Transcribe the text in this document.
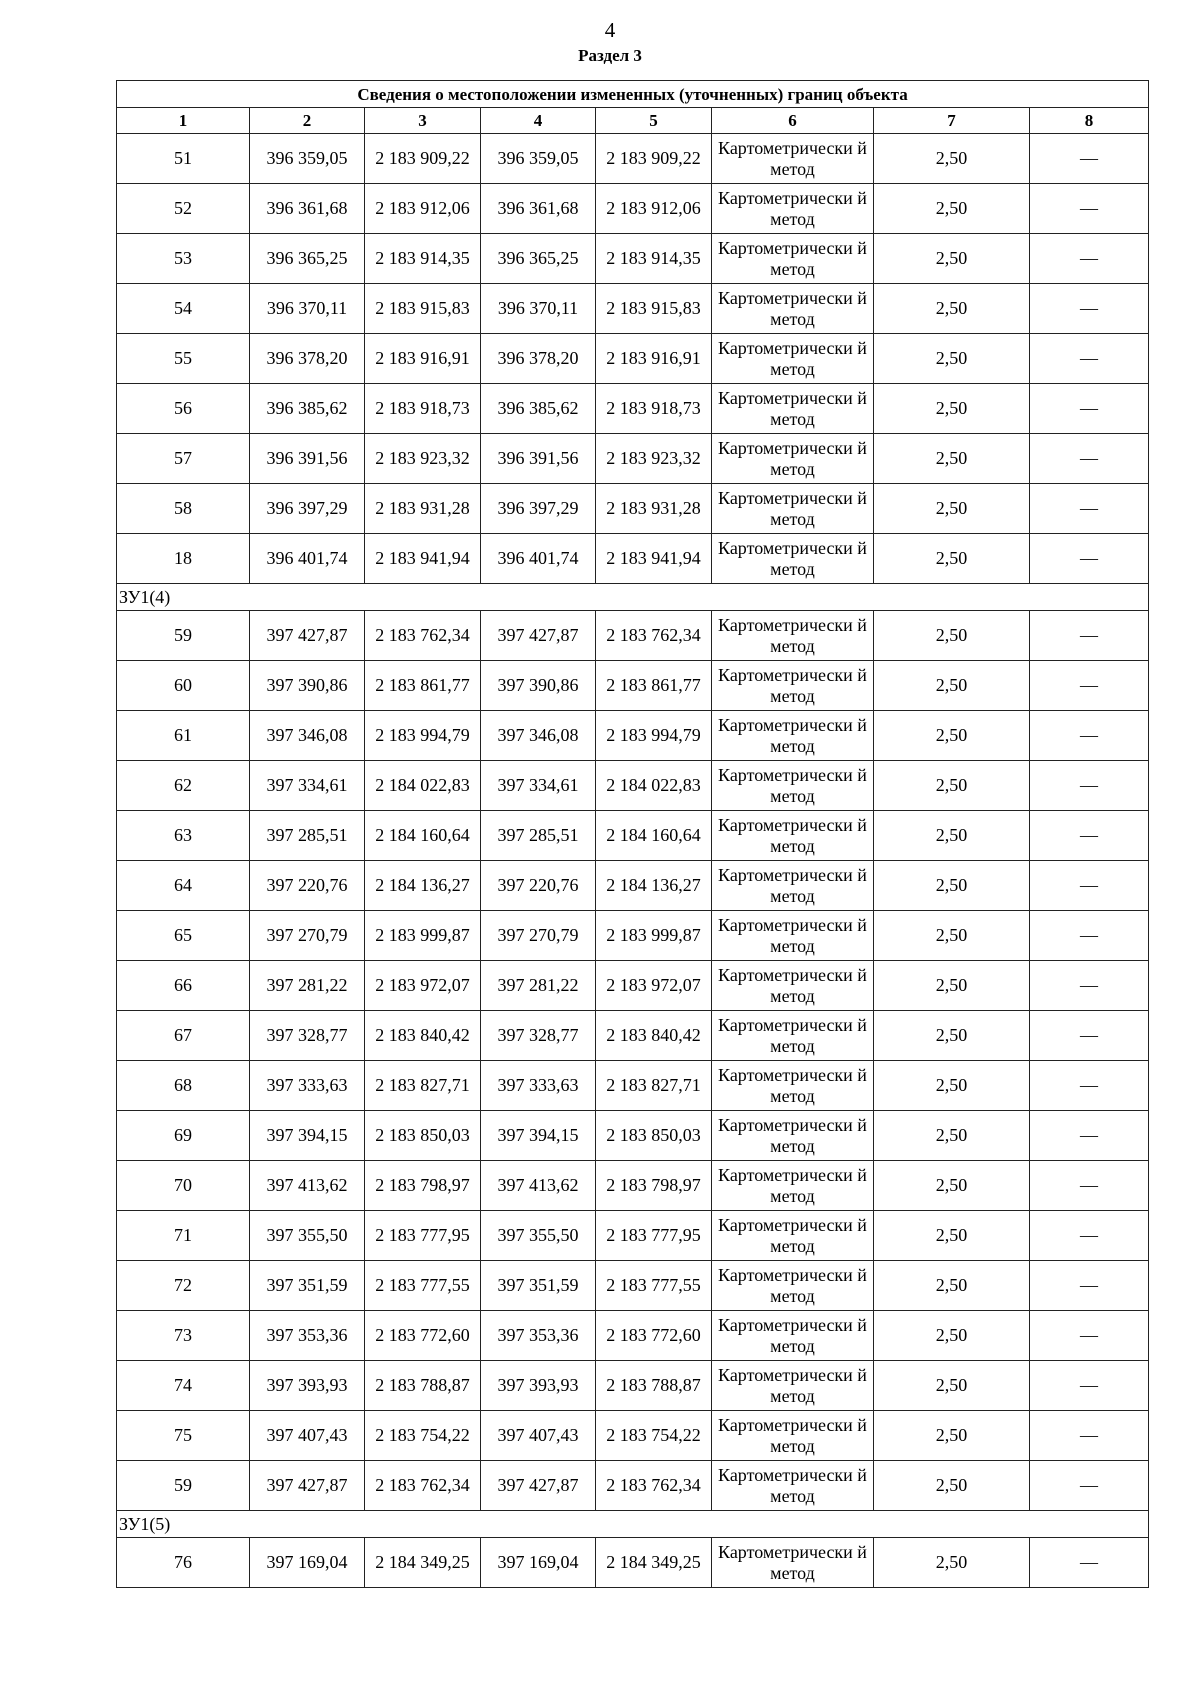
4
Раздел 3
Сведения о местоположении измененных (уточненных) границ объекта							
1	2	3	4	5	6	7	8
51	396 359,05	2 183 909,22	396 359,05	2 183 909,22	Картометрически й метод	2,50	—
52	396 361,68	2 183 912,06	396 361,68	2 183 912,06	Картометрически й метод	2,50	—
53	396 365,25	2 183 914,35	396 365,25	2 183 914,35	Картометрически й метод	2,50	—
54	396 370,11	2 183 915,83	396 370,11	2 183 915,83	Картометрически й метод	2,50	—
55	396 378,20	2 183 916,91	396 378,20	2 183 916,91	Картометрически й метод	2,50	—
56	396 385,62	2 183 918,73	396 385,62	2 183 918,73	Картометрически й метод	2,50	—
57	396 391,56	2 183 923,32	396 391,56	2 183 923,32	Картометрически й метод	2,50	—
58	396 397,29	2 183 931,28	396 397,29	2 183 931,28	Картометрически й метод	2,50	—
18	396 401,74	2 183 941,94	396 401,74	2 183 941,94	Картометрически й метод	2,50	—
ЗУ1(4)							
59	397 427,87	2 183 762,34	397 427,87	2 183 762,34	Картометрически й метод	2,50	—
60	397 390,86	2 183 861,77	397 390,86	2 183 861,77	Картометрически й метод	2,50	—
61	397 346,08	2 183 994,79	397 346,08	2 183 994,79	Картометрически й метод	2,50	—
62	397 334,61	2 184 022,83	397 334,61	2 184 022,83	Картометрически й метод	2,50	—
63	397 285,51	2 184 160,64	397 285,51	2 184 160,64	Картометрически й метод	2,50	—
64	397 220,76	2 184 136,27	397 220,76	2 184 136,27	Картометрически й метод	2,50	—
65	397 270,79	2 183 999,87	397 270,79	2 183 999,87	Картометрически й метод	2,50	—
66	397 281,22	2 183 972,07	397 281,22	2 183 972,07	Картометрически й метод	2,50	—
67	397 328,77	2 183 840,42	397 328,77	2 183 840,42	Картометрически й метод	2,50	—
68	397 333,63	2 183 827,71	397 333,63	2 183 827,71	Картометрически й метод	2,50	—
69	397 394,15	2 183 850,03	397 394,15	2 183 850,03	Картометрически й метод	2,50	—
70	397 413,62	2 183 798,97	397 413,62	2 183 798,97	Картометрически й метод	2,50	—
71	397 355,50	2 183 777,95	397 355,50	2 183 777,95	Картометрически й метод	2,50	—
72	397 351,59	2 183 777,55	397 351,59	2 183 777,55	Картометрически й метод	2,50	—
73	397 353,36	2 183 772,60	397 353,36	2 183 772,60	Картометрически й метод	2,50	—
74	397 393,93	2 183 788,87	397 393,93	2 183 788,87	Картометрически й метод	2,50	—
75	397 407,43	2 183 754,22	397 407,43	2 183 754,22	Картометрически й метод	2,50	—
59	397 427,87	2 183 762,34	397 427,87	2 183 762,34	Картометрически й метод	2,50	—
ЗУ1(5)							
76	397 169,04	2 184 349,25	397 169,04	2 184 349,25	Картометрически й метод	2,50	—
